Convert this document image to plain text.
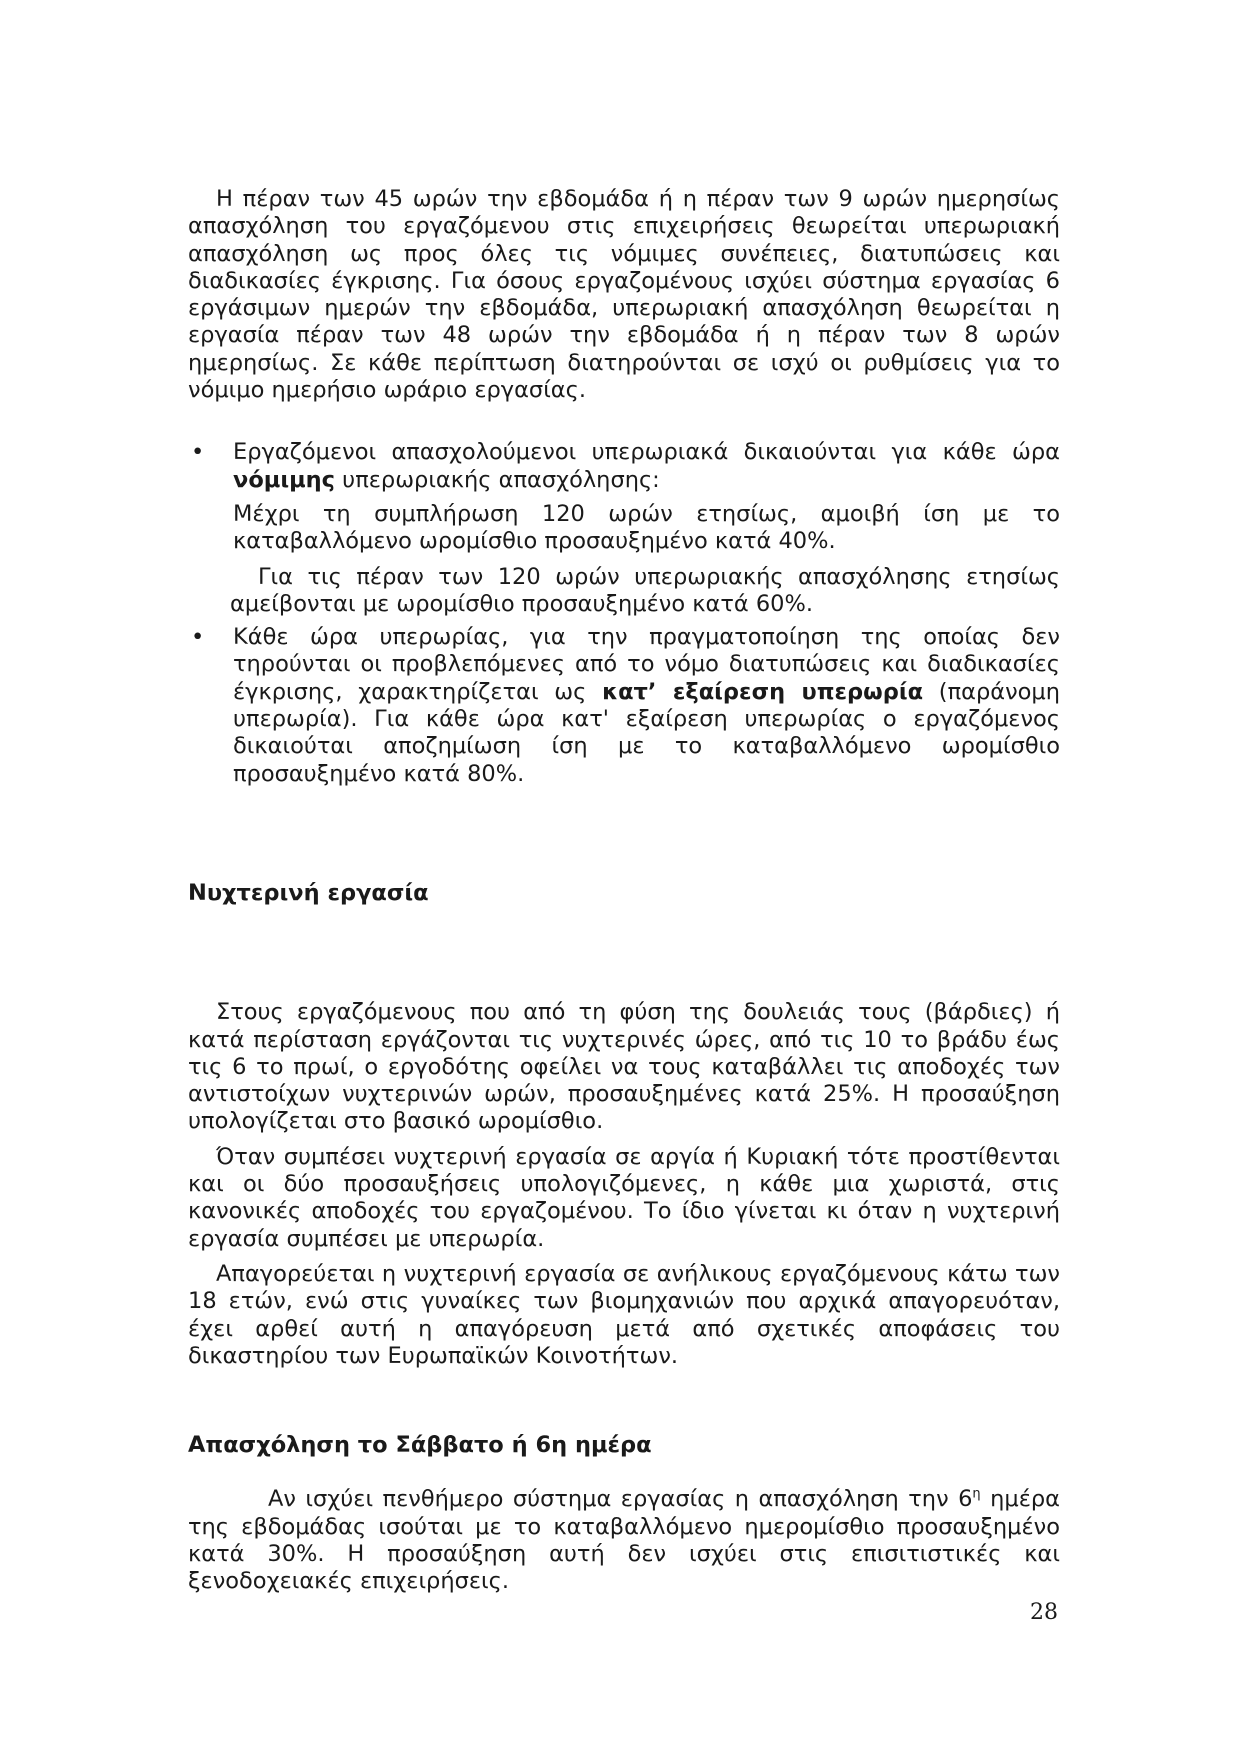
Η πέραν των 45 ωρών την εβδομάδα ή η πέραν των 9 ωρών ημερησίως απασχόληση του εργαζόμενου στις επιχειρήσεις θεωρείται υπερωριακή απασχόληση ως προς όλες τις νόμιμες συνέπειες, διατυπώσεις και διαδικασίες έγκρισης. Για όσους εργαζομένους ισχύει σύστημα εργασίας 6 εργάσιμων ημερών την εβδομάδα, υπερωριακή απασχόληση θεωρείται η εργασία πέραν των 48 ωρών την εβδομάδα ή η πέραν των 8 ωρών ημερησίως. Σε κάθε περίπτωση διατηρούνται σε ισχύ οι ρυθμίσεις για το νόμιμο ημερήσιο ωράριο εργασίας.

• Εργαζόμενοι απασχολούμενοι υπερωριακά δικαιούνται για κάθε ώρα νόμιμης υπερωριακής απασχόλησης:

Μέχρι τη συμπλήρωση 120 ωρών ετησίως, αμοιβή ίση με το καταβαλλόμενο ωρομίσθιο προσαυξημένο κατά 40%.

Για τις πέραν των 120 ωρών υπερωριακής απασχόλησης ετησίως αμείβονται με ωρομίσθιο προσαυξημένο κατά 60%.

• Κάθε ώρα υπερωρίας, για την πραγματοποίηση της οποίας δεν τηρούνται οι προβλεπόμενες από το νόμο διατυπώσεις και διαδικασίες έγκρισης, χαρακτηρίζεται ως κατ’ εξαίρεση υπερωρία (παράνομη υπερωρία). Για κάθε ώρα κατ' εξαίρεση υπερωρίας ο εργαζόμενος δικαιούται αποζημίωση ίση με το καταβαλλόμενο ωρομίσθιο προσαυξημένο κατά 80%.

Νυχτερινή εργασία

Στους εργαζόμενους που από τη φύση της δουλειάς τους (βάρδιες) ή κατά περίσταση εργάζονται τις νυχτερινές ώρες, από τις 10 το βράδυ έως τις 6 το πρωί, ο εργοδότης οφείλει να τους καταβάλλει τις αποδοχές των αντιστοίχων νυχτερινών ωρών, προσαυξημένες κατά 25%. Η προσαύξηση υπολογίζεται στο βασικό ωρομίσθιο.

Όταν συμπέσει νυχτερινή εργασία σε αργία ή Κυριακή τότε προστίθενται και οι δύο προσαυξήσεις υπολογιζόμενες, η κάθε μια χωριστά, στις κανονικές αποδοχές του εργαζομένου. Το ίδιο γίνεται κι όταν η νυχτερινή εργασία συμπέσει με υπερωρία.

Απαγορεύεται η νυχτερινή εργασία σε ανήλικους εργαζόμενους κάτω των 18 ετών, ενώ στις γυναίκες των βιομηχανιών που αρχικά απαγορευόταν, έχει αρθεί αυτή η απαγόρευση μετά από σχετικές αποφάσεις του δικαστηρίου των Ευρωπαϊκών Κοινοτήτων.

Απασχόληση το Σάββατο ή 6η ημέρα

Αν ισχύει πενθήμερο σύστημα εργασίας η απασχόληση την $6^\eta$ ημέρα της εβδομάδας ισούται με το καταβαλλόμενο ημερομίσθιο προσαυξημένο κατά 30%. Η προσαύξηση αυτή δεν ισχύει στις επισιτιστικές και ξενοδοχειακές επιχειρήσεις.

28
